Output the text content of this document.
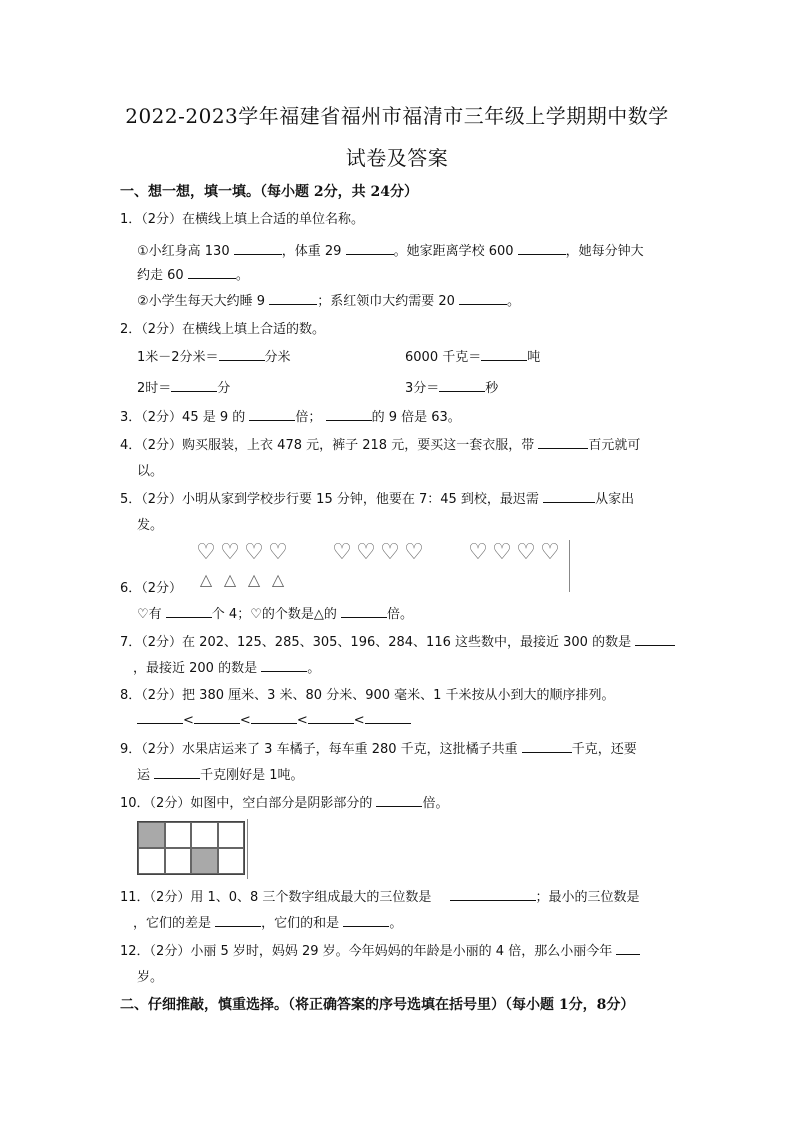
2022-2023学年福建省福州市福清市三年级上学期期中数学
试卷及答案
一、想一想，填一填。（每小题 2分，共 24分）
1．（2分）在横线上填上合适的单位名称。
①小红身高 130	，体重 29	。她家距离学校 600	，她每分钟大
约走 60	。
②小学生每天大约睡 9	；系红领巾大约需要 20	。
2．（2分）在横线上填上合适的数。
1米－2分米＝	分米	6000 千克＝	吨
2时＝	分	3分＝	秒
3．（2分）45 是 9 的	倍；	的 9 倍是 63。
4．（2分）购买服装，上衣 478 元，裤子 218 元，要买这一套衣服，带	百元就可
以。
5．（2分）小明从家到学校步行要 15 分钟，他要在 7：45 到校，最迟需	从家出
发。
♡ ♡ ♡ ♡ ♡ ♡ ♡ ♡ ♡ ♡ ♡ ♡
△ △ △ △
6．（2分）
♡有	个 4；♡的个数是△的	倍。
7．（2分）在 202、125、285、305、196、284、116 这些数中，最接近 300 的数是
，最接近 200 的数是	。
8．（2分）把 380 厘米、3 米、80 分米、900 毫米、1 千米按从小到大的顺序排列。
<	<	<	<
9．（2分）水果店运来了 3 车橘子，每车重 280 千克，这批橘子共重	千克，还要
运	千克刚好是 1吨。
10．（2分）如图中，空白部分是阴影部分的	倍。
11．（2分）用 1、0、8 三个数字组成最大的三位数是	；最小的三位数是
，它们的差是	，它们的和是	。
12．（2分）小丽 5 岁时，妈妈 29 岁。今年妈妈的年龄是小丽的 4 倍，那么小丽今年
岁。
二、仔细推敲，慎重选择。（将正确答案的序号选填在括号里）（每小题 1分，8分）
